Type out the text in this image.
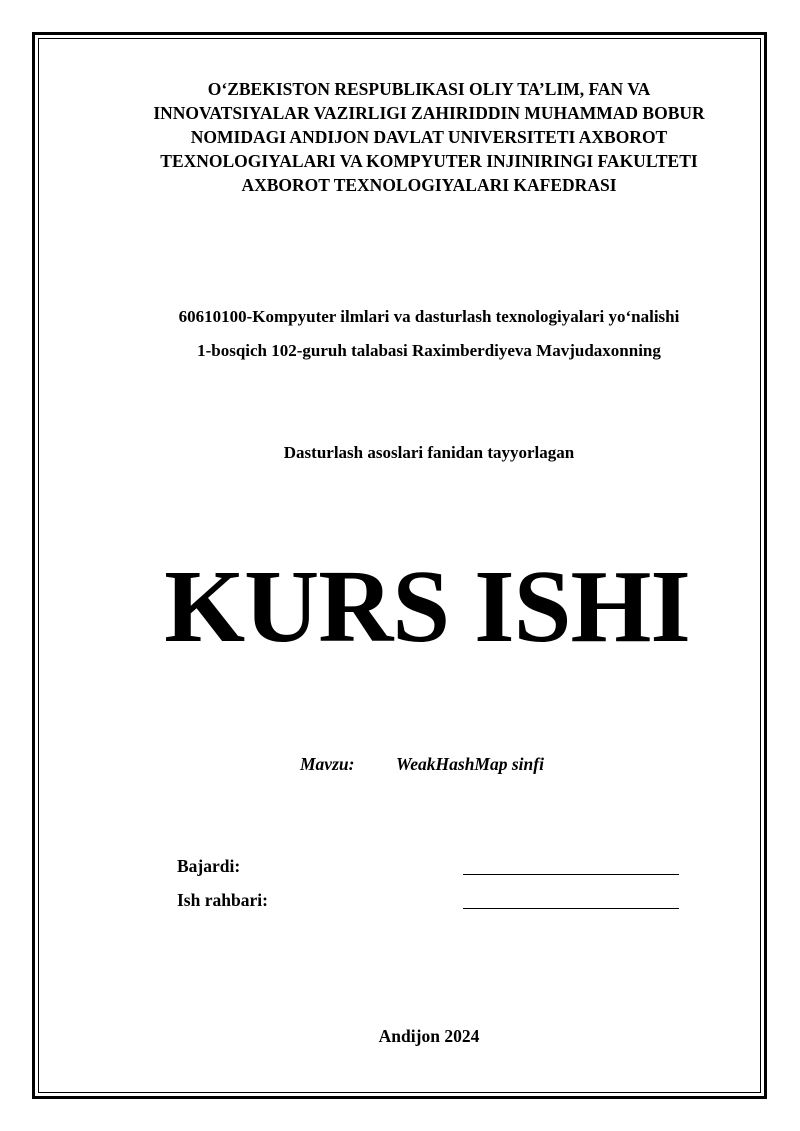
O‘ZBEKISTON RESPUBLIKASI OLIY TA’LIM, FAN VA
INNOVATSIYALAR VAZIRLIGI ZAHIRIDDIN MUHAMMAD BOBUR
NOMIDAGI ANDIJON DAVLAT UNIVERSITETI AXBOROT
TEXNOLOGIYALARI VA KOMPYUTER INJINIRINGI FAKULTETI
AXBOROT TEXNOLOGIYALARI KAFEDRASI
60610100-Kompyuter ilmlari va dasturlash texnologiyalari yo‘nalishi
1-bosqich 102-guruh talabasi Raximberdiyeva Mavjudaxonning
Dasturlash asoslari fanidan tayyorlagan
KURS ISHI
Mavzu: WeakHashMap sinfi
Bajardi:
Ish rahbari:
Andijon 2024
